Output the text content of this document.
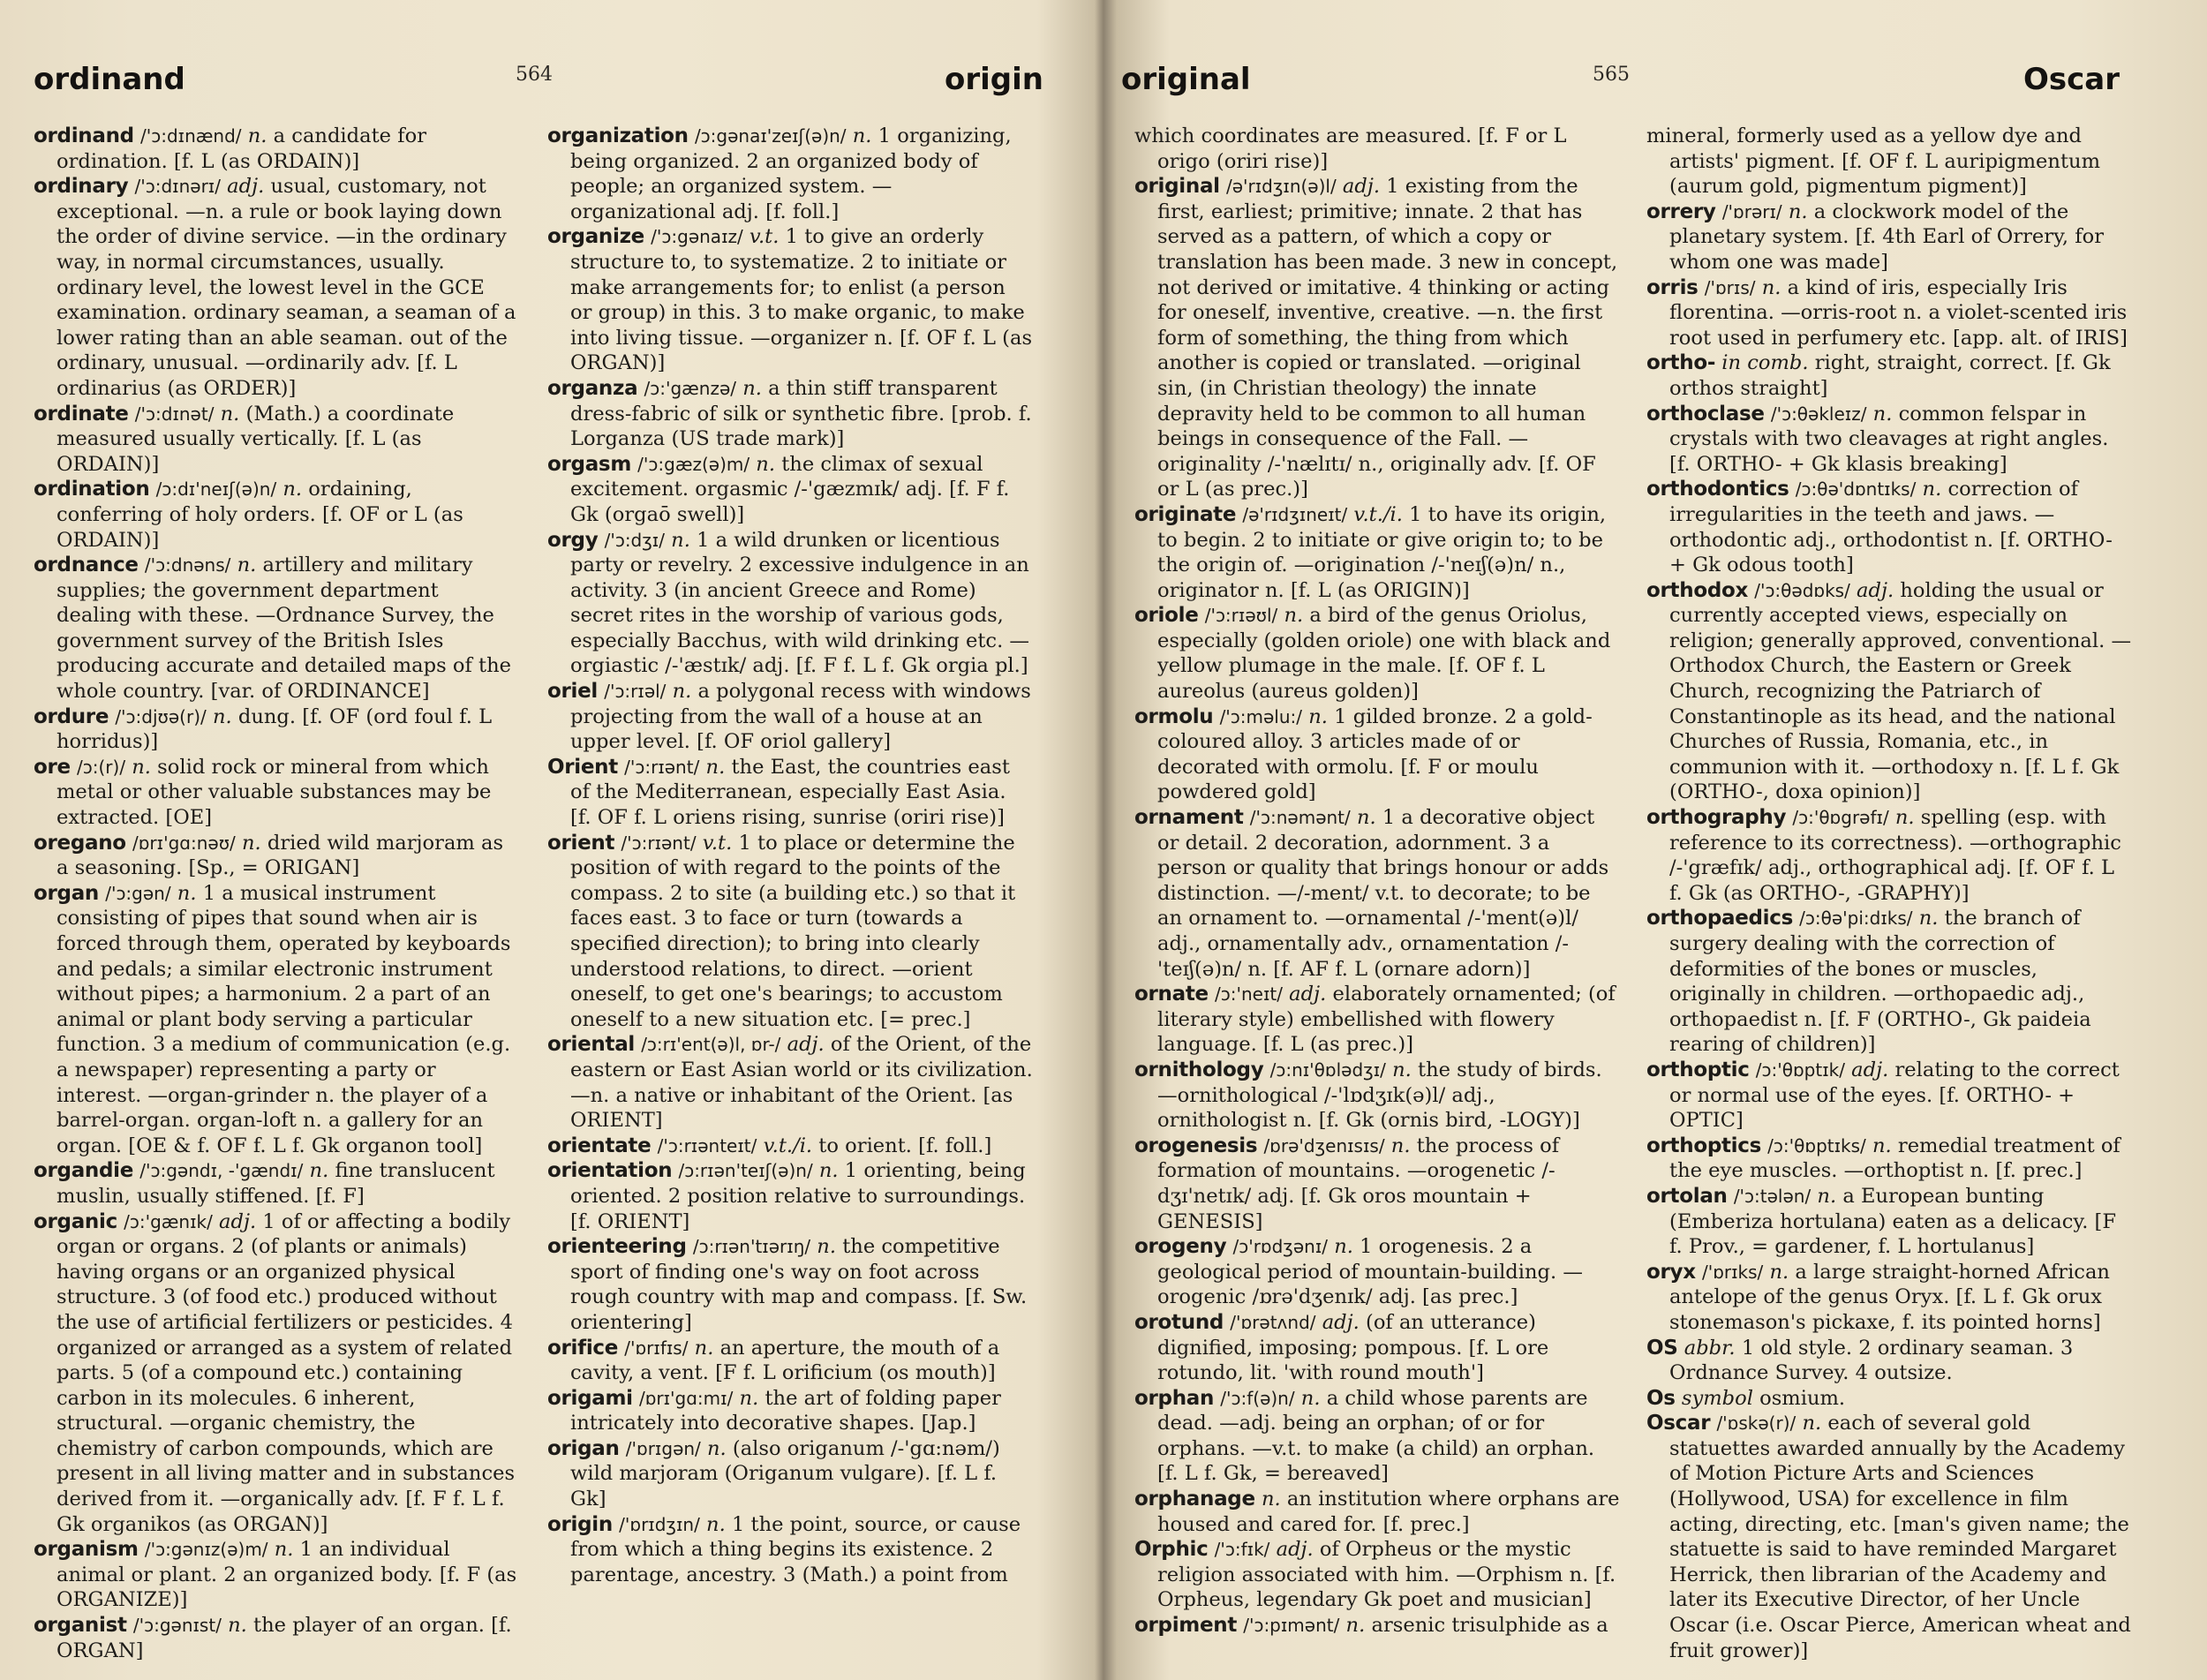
ordinand	564	origin

ordinand /'ɔ:dɪnænd/ n. a candidate for ordination. [f. L (as ORDAIN)]

ordinary /'ɔ:dɪnərɪ/ adj. usual, customary, not exceptional. —n. a rule or book laying down the order of divine service. —in the ordinary way, in normal circumstances, usually. ordinary level, the lowest level in the GCE examination. ordinary seaman, a seaman of a lower rating than an able seaman. out of the ordinary, unusual. —ordinarily adv. [f. L ordinarius (as ORDER)]

ordinate /'ɔ:dɪnət/ n. (Math.) a coordinate measured usually vertically. [f. L (as ORDAIN)]

ordination /ɔ:dɪ'neɪʃ(ə)n/ n. ordaining, conferring of holy orders. [f. OF or L (as ORDAIN)]

ordnance /'ɔ:dnəns/ n. artillery and military supplies; the government department dealing with these. —Ordnance Survey, the government survey of the British Isles producing accurate and detailed maps of the whole country. [var. of ORDINANCE]

ordure /'ɔ:djʊə(r)/ n. dung. [f. OF (ord foul f. L horridus)]

ore /ɔ:(r)/ n. solid rock or mineral from which metal or other valuable substances may be extracted. [OE]

oregano /ɒrɪ'gɑ:nəʊ/ n. dried wild marjoram as a seasoning. [Sp., = ORIGAN]

organ /'ɔ:gən/ n. 1 a musical instrument consisting of pipes that sound when air is forced through them, operated by keyboards and pedals; a similar electronic instrument without pipes; a harmonium. 2 a part of an animal or plant body serving a particular function. 3 a medium of communication (e.g. a newspaper) representing a party or interest. —organ-grinder n. the player of a barrel-organ. organ-loft n. a gallery for an organ. [OE & f. OF f. L f. Gk organon tool]

organdie /'ɔ:gəndɪ, -'gændɪ/ n. fine translucent muslin, usually stiffened. [f. F]

organic /ɔ:'gænɪk/ adj. 1 of or affecting a bodily organ or organs. 2 (of plants or animals) having organs or an organized physical structure. 3 (of food etc.) produced without the use of artificial fertilizers or pesticides. 4 organized or arranged as a system of related parts. 5 (of a compound etc.) containing carbon in its molecules. 6 inherent, structural. —organic chemistry, the chemistry of carbon compounds, which are present in all living matter and in substances derived from it. —organically adv. [f. F f. L f. Gk organikos (as ORGAN)]

organism /'ɔ:gənɪz(ə)m/ n. 1 an individual animal or plant. 2 an organized body. [f. F (as ORGANIZE)]

organist /'ɔ:gənɪst/ n. the player of an organ. [f. ORGAN]

organization /ɔ:gənaɪ'zeɪʃ(ə)n/ n. 1 organizing, being organized. 2 an organized body of people; an organized system. —organizational adj. [f. foll.]

organize /'ɔ:gənaɪz/ v.t. 1 to give an orderly structure to, to systematize. 2 to initiate or make arrangements for; to enlist (a person or group) in this. 3 to make organic, to make into living tissue. —organizer n. [f. OF f. L (as ORGAN)]

organza /ɔ:'gænzə/ n. a thin stiff transparent dress-fabric of silk or synthetic fibre. [prob. f. Lorganza (US trade mark)]

orgasm /'ɔ:gæz(ə)m/ n. the climax of sexual excitement. orgasmic /-'gæzmɪk/ adj. [f. F f. Gk (orgaō swell)]

orgy /'ɔ:dʒɪ/ n. 1 a wild drunken or licentious party or revelry. 2 excessive indulgence in an activity. 3 (in ancient Greece and Rome) secret rites in the worship of various gods, especially Bacchus, with wild drinking etc. —orgiastic /-'æstɪk/ adj. [f. F f. L f. Gk orgia pl.]

oriel /'ɔ:rɪəl/ n. a polygonal recess with windows projecting from the wall of a house at an upper level. [f. OF oriol gallery]

Orient /'ɔ:rɪənt/ n. the East, the countries east of the Mediterranean, especially East Asia. [f. OF f. L oriens rising, sunrise (oriri rise)]

orient /'ɔ:rɪənt/ v.t. 1 to place or determine the position of with regard to the points of the compass. 2 to site (a building etc.) so that it faces east. 3 to face or turn (towards a specified direction); to bring into clearly understood relations, to direct. —orient oneself, to get one's bearings; to accustom oneself to a new situation etc. [= prec.]

oriental /ɔ:rɪ'ent(ə)l, ɒr-/ adj. of the Orient, of the eastern or East Asian world or its civilization. —n. a native or inhabitant of the Orient. [as ORIENT]

orientate /'ɔ:rɪənteɪt/ v.t./i. to orient. [f. foll.]

orientation /ɔ:rɪən'teɪʃ(ə)n/ n. 1 orienting, being oriented. 2 position relative to surroundings. [f. ORIENT]

orienteering /ɔ:rɪən'tɪərɪŋ/ n. the competitive sport of finding one's way on foot across rough country with map and compass. [f. Sw. orientering]

orifice /'ɒrɪfɪs/ n. an aperture, the mouth of a cavity, a vent. [F f. L orificium (os mouth)]

origami /ɒrɪ'gɑ:mɪ/ n. the art of folding paper intricately into decorative shapes. [Jap.]

origan /'ɒrɪgən/ n. (also origanum /-'gɑ:nəm/) wild marjoram (Origanum vulgare). [f. L f. Gk]

origin /'ɒrɪdʒɪn/ n. 1 the point, source, or cause from which a thing begins its existence. 2 parentage, ancestry. 3 (Math.) a point from

original	565	Oscar

which coordinates are measured. [f. F or L origo (oriri rise)]

original /ə'rɪdʒɪn(ə)l/ adj. 1 existing from the first, earliest; primitive; innate. 2 that has served as a pattern, of which a copy or translation has been made. 3 new in concept, not derived or imitative. 4 thinking or acting for oneself, inventive, creative. —n. the first form of something, the thing from which another is copied or translated. —original sin, (in Christian theology) the innate depravity held to be common to all human beings in consequence of the Fall. —originality /-'nælɪtɪ/ n., originally adv. [f. OF or L (as prec.)]

originate /ə'rɪdʒɪneɪt/ v.t./i. 1 to have its origin, to begin. 2 to initiate or give origin to; to be the origin of. —origination /-'neɪʃ(ə)n/ n., originator n. [f. L (as ORIGIN)]

oriole /'ɔ:rɪəʊl/ n. a bird of the genus Oriolus, especially (golden oriole) one with black and yellow plumage in the male. [f. OF f. L aureolus (aureus golden)]

ormolu /'ɔ:məlu:/ n. 1 gilded bronze. 2 a gold-coloured alloy. 3 articles made of or decorated with ormolu. [f. F or moulu powdered gold]

ornament /'ɔ:nəmənt/ n. 1 a decorative object or detail. 2 decoration, adornment. 3 a person or quality that brings honour or adds distinction. —/-ment/ v.t. to decorate; to be an ornament to. —ornamental /-'ment(ə)l/ adj., ornamentally adv., ornamentation /-'teɪʃ(ə)n/ n. [f. AF f. L (ornare adorn)]

ornate /ɔ:'neɪt/ adj. elaborately ornamented; (of literary style) embellished with flowery language. [f. L (as prec.)]

ornithology /ɔ:nɪ'θɒlədʒɪ/ n. the study of birds. —ornithological /-'lɒdʒɪk(ə)l/ adj., ornithologist n. [f. Gk (ornis bird, -LOGY)]

orogenesis /ɒrə'dʒenɪsɪs/ n. the process of formation of mountains. —orogenetic /-dʒɪ'netɪk/ adj. [f. Gk oros mountain + GENESIS]

orogeny /ɔ'rɒdʒənɪ/ n. 1 orogenesis. 2 a geological period of mountain-building. —orogenic /ɒrə'dʒenɪk/ adj. [as prec.]

orotund /'ɒrətʌnd/ adj. (of an utterance) dignified, imposing; pompous. [f. L ore rotundo, lit. 'with round mouth']

orphan /'ɔ:f(ə)n/ n. a child whose parents are dead. —adj. being an orphan; of or for orphans. —v.t. to make (a child) an orphan. [f. L f. Gk, = bereaved]

orphanage n. an institution where orphans are housed and cared for. [f. prec.]

Orphic /'ɔ:fɪk/ adj. of Orpheus or the mystic religion associated with him. —Orphism n. [f. Orpheus, legendary Gk poet and musician]

orpiment /'ɔ:pɪmənt/ n. arsenic trisulphide as a

mineral, formerly used as a yellow dye and artists' pigment. [f. OF f. L auripigmentum (aurum gold, pigmentum pigment)]

orrery /'ɒrərɪ/ n. a clockwork model of the planetary system. [f. 4th Earl of Orrery, for whom one was made]

orris /'ɒrɪs/ n. a kind of iris, especially Iris florentina. —orris-root n. a violet-scented iris root used in perfumery etc. [app. alt. of IRIS]

ortho- in comb. right, straight, correct. [f. Gk orthos straight]

orthoclase /'ɔ:θəkleɪz/ n. common felspar in crystals with two cleavages at right angles. [f. ORTHO- + Gk klasis breaking]

orthodontics /ɔ:θə'dɒntɪks/ n. correction of irregularities in the teeth and jaws. —orthodontic adj., orthodontist n. [f. ORTHO- + Gk odous tooth]

orthodox /'ɔ:θədɒks/ adj. holding the usual or currently accepted views, especially on religion; generally approved, conventional. —Orthodox Church, the Eastern or Greek Church, recognizing the Patriarch of Constantinople as its head, and the national Churches of Russia, Romania, etc., in communion with it. —orthodoxy n. [f. L f. Gk (ORTHO-, doxa opinion)]

orthography /ɔ:'θɒgrəfɪ/ n. spelling (esp. with reference to its correctness). —orthographic /-'græfɪk/ adj., orthographical adj. [f. OF f. L f. Gk (as ORTHO-, -GRAPHY)]

orthopaedics /ɔ:θə'pi:dɪks/ n. the branch of surgery dealing with the correction of deformities of the bones or muscles, originally in children. —orthopaedic adj., orthopaedist n. [f. F (ORTHO-, Gk paideia rearing of children)]

orthoptic /ɔ:'θɒptɪk/ adj. relating to the correct or normal use of the eyes. [f. ORTHO- + OPTIC]

orthoptics /ɔ:'θɒptɪks/ n. remedial treatment of the eye muscles. —orthoptist n. [f. prec.]

ortolan /'ɔ:tələn/ n. a European bunting (Emberiza hortulana) eaten as a delicacy. [F f. Prov., = gardener, f. L hortulanus]

oryx /'ɒrɪks/ n. a large straight-horned African antelope of the genus Oryx. [f. L f. Gk orux stonemason's pickaxe, f. its pointed horns]

OS abbr. 1 old style. 2 ordinary seaman. 3 Ordnance Survey. 4 outsize.

Os symbol osmium.

Oscar /'ɒskə(r)/ n. each of several gold statuettes awarded annually by the Academy of Motion Picture Arts and Sciences (Hollywood, USA) for excellence in film acting, directing, etc. [man's given name; the statuette is said to have reminded Margaret Herrick, then librarian of the Academy and later its Executive Director, of her Uncle Oscar (i.e. Oscar Pierce, American wheat and fruit grower)]
